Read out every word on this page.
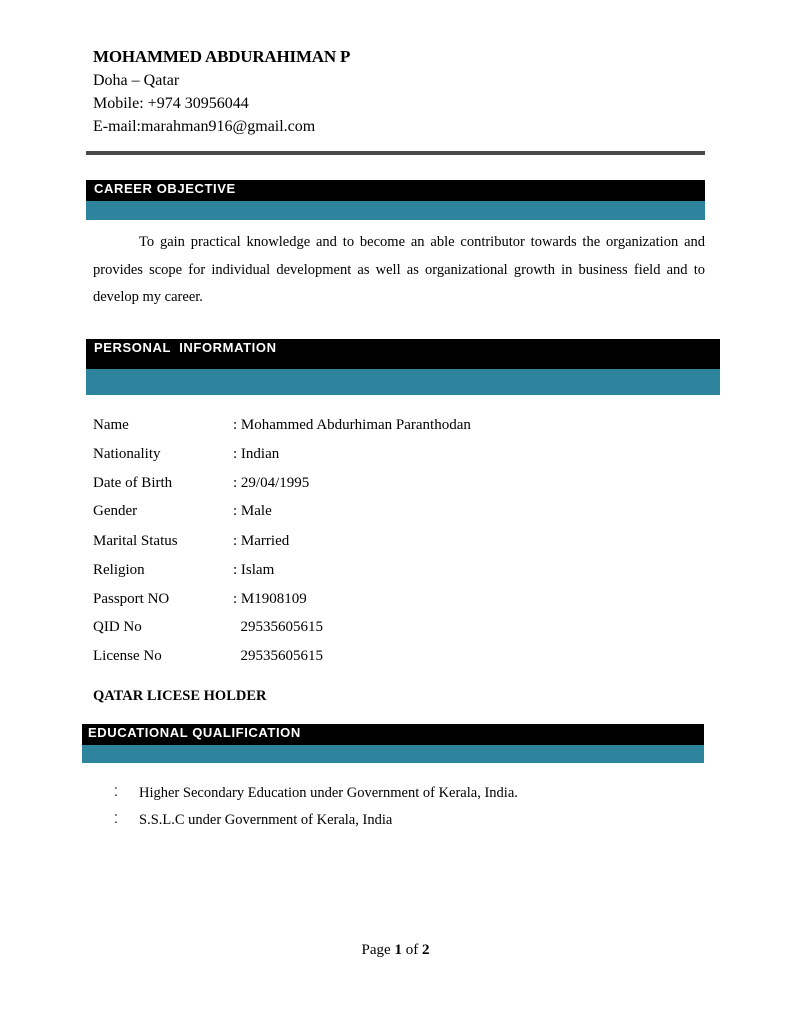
MOHAMMED ABDURAHIMAN P
Doha – Qatar
Mobile: +974 30956044
E-mail:marahman916@gmail.com
CAREER OBJECTIVE
To gain practical knowledge and to become an able contributor towards the organization and provides scope for individual development as well as organizational growth in business field and to develop my career.
PERSONAL  INFORMATION
Name	: Mohammed Abdurhiman Paranthodan
Nationality	: Indian
Date of Birth	: 29/04/1995
Gender	: Male
Marital Status	: Married
Religion	: Islam
Passport NO	: M1908109
QID No	29535605615
License No	29535605615
QATAR LICESE HOLDER
EDUCATIONAL QUALIFICATION
⁚ Higher Secondary Education under Government of Kerala, India.
⁚ S.S.L.C under Government of Kerala, India
Page 1 of 2
